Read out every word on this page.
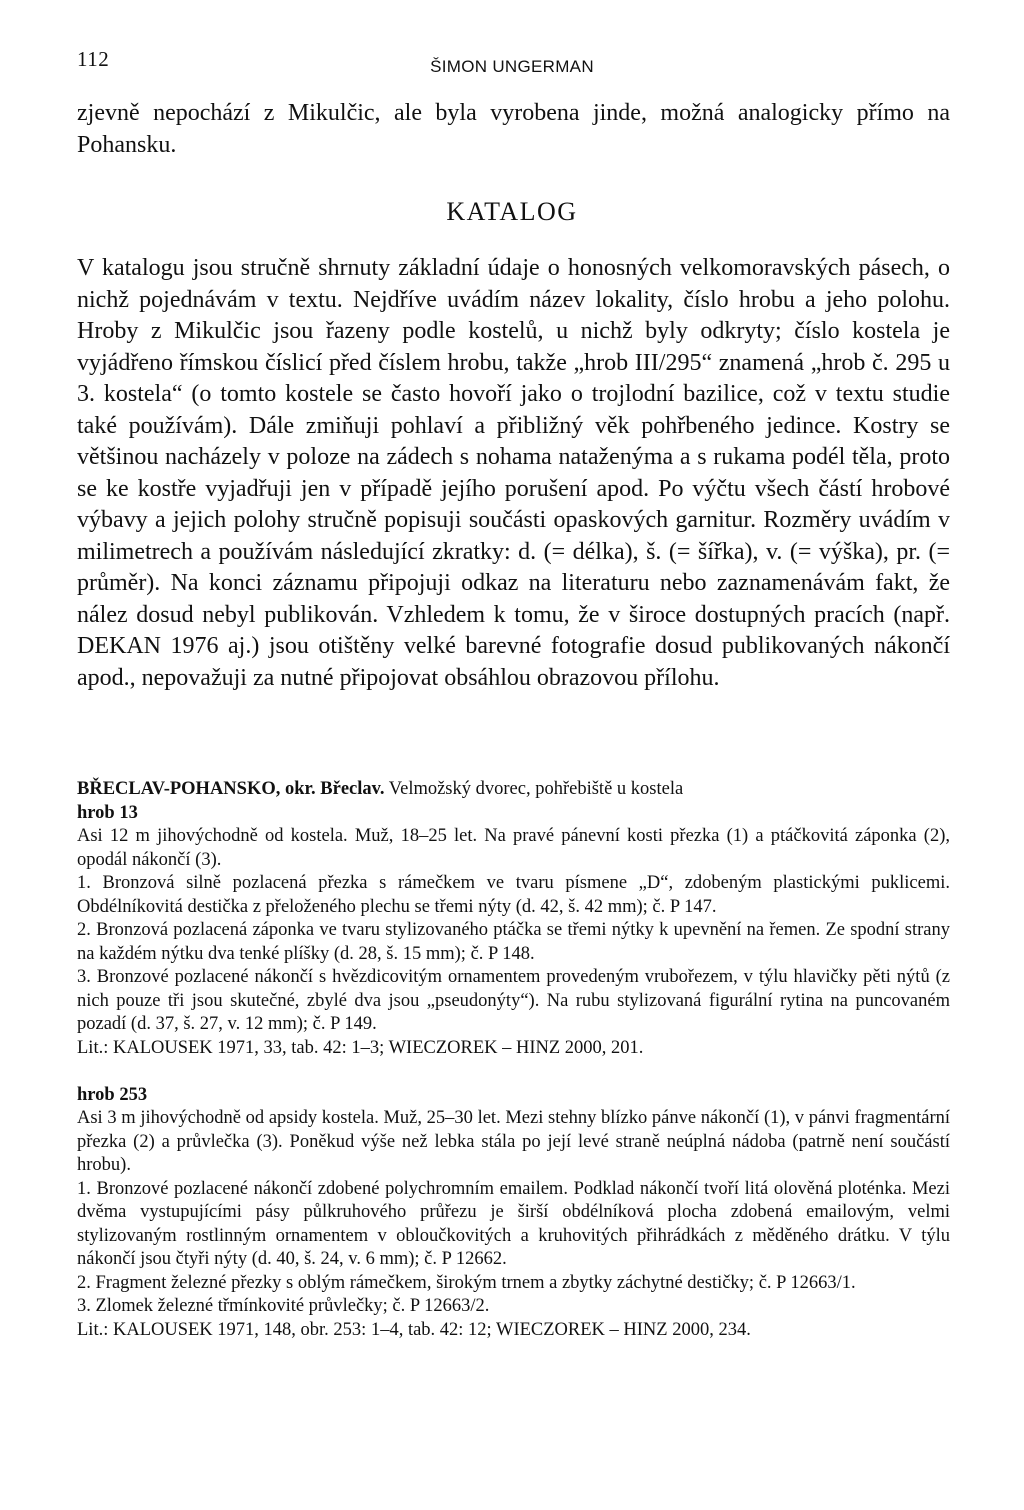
112	ŠIMON UNGERMAN

zjevně nepochází z Mikulčic, ale byla vyrobena jinde, možná analogicky přímo na Pohansku.

KATALOG

V katalogu jsou stručně shrnuty základní údaje o honosných velkomoravských pásech, o nichž pojednávám v textu. Nejdříve uvádím název lokality, číslo hrobu a jeho polohu. Hroby z Mikulčic jsou řazeny podle kostelů, u nichž byly odkryty; číslo kostela je vyjádřeno římskou číslicí před číslem hrobu, takže „hrob III/295“ znamená „hrob č. 295 u 3. kostela“ (o tomto kostele se často hovoří jako o trojlodní bazilice, což v textu studie také používám). Dále zmiňuji pohlaví a přibližný věk pohřbeného jedince. Kostry se většinou nacházely v poloze na zádech s nohama nataženýma a s rukama podél těla, proto se ke kostře vyjadřuji jen v případě jejího porušení apod. Po výčtu všech částí hrobové výbavy a jejich polohy stručně popisuji součásti opaskových garnitur. Rozměry uvádím v milimetrech a používám následující zkratky: d. (= délka), š. (= šířka), v. (= výška), pr. (= průměr). Na konci záznamu připojuji odkaz na literaturu nebo zaznamenávám fakt, že nález dosud nebyl publikován. Vzhledem k tomu, že v široce dostupných pracích (např. DEKAN 1976 aj.) jsou otištěny velké barevné fotografie dosud publikovaných nákončí apod., nepovažuji za nutné připojovat obsáhlou obrazovou přílohu.

BŘECLAV-POHANSKO, okr. Břeclav. Velmožský dvorec, pohřebiště u kostela

hrob 13

Asi 12 m jihovýchodně od kostela. Muž, 18–25 let. Na pravé pánevní kosti přezka (1) a ptáčkovitá záponka (2), opodál nákončí (3).

1. Bronzová silně pozlacená přezka s rámečkem ve tvaru písmene „D“, zdobeným plastickými puklicemi. Obdélníkovitá destička z přeloženého plechu se třemi nýty (d. 42, š. 42 mm); č. P 147.

2. Bronzová pozlacená záponka ve tvaru stylizovaného ptáčka se třemi nýtky k upevnění na řemen. Ze spodní strany na každém nýtku dva tenké plíšky (d. 28, š. 15 mm); č. P 148.

3. Bronzové pozlacené nákončí s hvězdicovitým ornamentem provedeným vrubořezem, v týlu hlavičky pěti nýtů (z nich pouze tři jsou skutečné, zbylé dva jsou „pseudonýty“). Na rubu stylizovaná figurální rytina na puncovaném pozadí (d. 37, š. 27, v. 12 mm); č. P 149.

Lit.: KALOUSEK 1971, 33, tab. 42: 1–3; WIECZOREK – HINZ 2000, 201.

hrob 253

Asi 3 m jihovýchodně od apsidy kostela. Muž, 25–30 let. Mezi stehny blízko pánve nákončí (1), v pánvi fragmentární přezka (2) a průvlečka (3). Poněkud výše než lebka stála po její levé straně neúplná nádoba (patrně není součástí hrobu).

1. Bronzové pozlacené nákončí zdobené polychromním emailem. Podklad nákončí tvoří litá olověná ploténka. Mezi dvěma vystupujícími pásy půlkruhového průřezu je širší obdélníková plocha zdobená emailovým, velmi stylizovaným rostlinným ornamentem v obloučkovitých a kruhovitých přihrádkách z měděného drátku. V týlu nákončí jsou čtyři nýty (d. 40, š. 24, v. 6 mm); č. P 12662.

2. Fragment železné přezky s oblým rámečkem, širokým trnem a zbytky záchytné destičky; č. P 12663/1.

3. Zlomek železné třmínkovité průvlečky; č. P 12663/2.

Lit.: KALOUSEK 1971, 148, obr. 253: 1–4, tab. 42: 12; WIECZOREK – HINZ 2000, 234.
